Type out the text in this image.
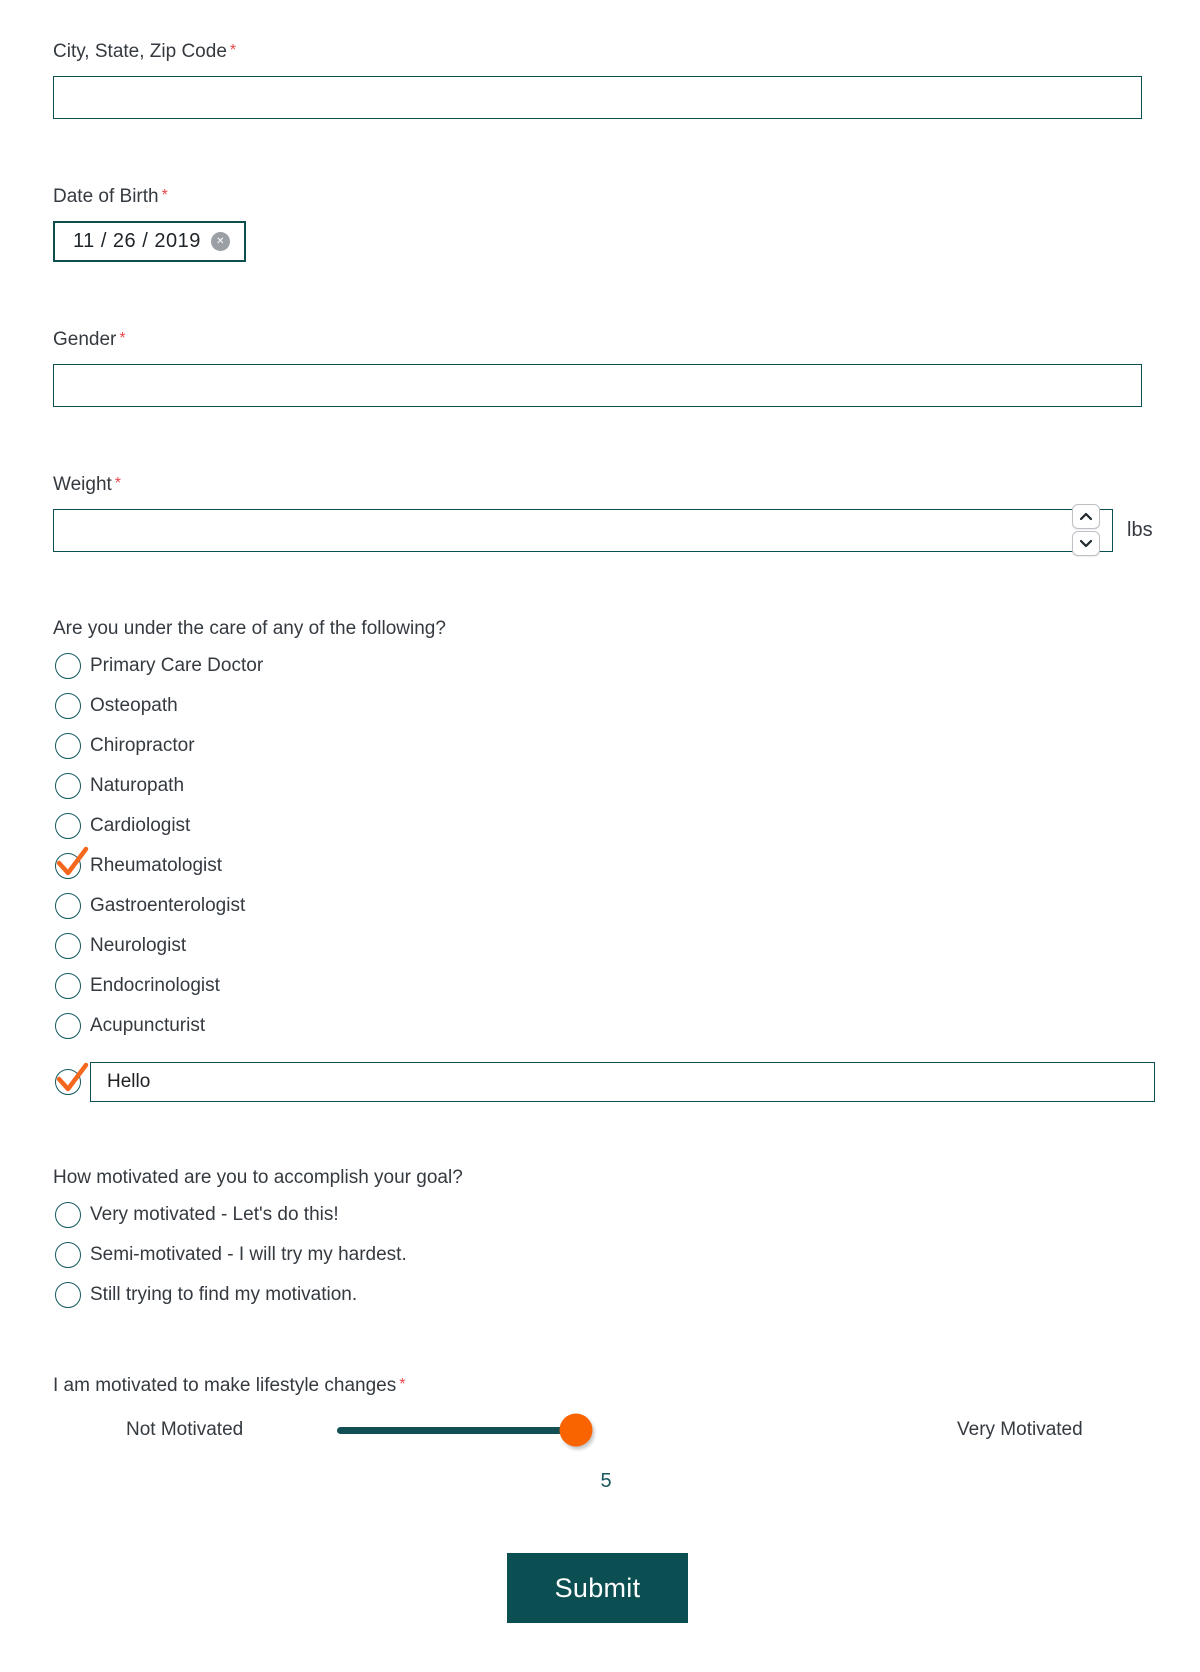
City, State, Zip Code *
Date of Birth *
11 / 26 / 2019 ✕
Gender *
Weight *
lbs
Are you under the care of any of the following?
Primary Care Doctor
Osteopath
Chiropractor
Naturopath
Cardiologist
Rheumatologist
Gastroenterologist
Neurologist
Endocrinologist
Acupuncturist
Hello
How motivated are you to accomplish your goal?
Very motivated - Let's do this!
Semi-motivated - I will try my hardest.
Still trying to find my motivation.
I am motivated to make lifestyle changes *
Not Motivated	Very Motivated
5
Submit
